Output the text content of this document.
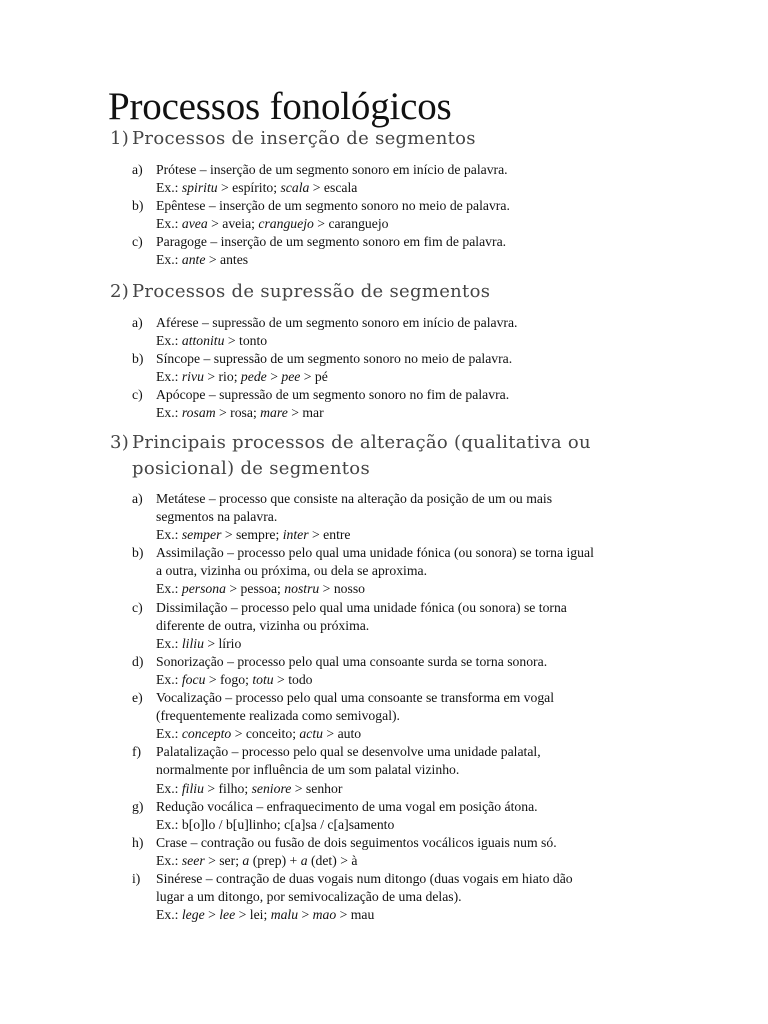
Processos fonológicos
1) Processos de inserção de segmentos
a) Prótese – inserção de um segmento sonoro em início de palavra.
Ex.: spiritu > espírito; scala > escala
b) Epêntese – inserção de um segmento sonoro no meio de palavra.
Ex.: avea > aveia; cranguejo > caranguejo
c) Paragoge – inserção de um segmento sonoro em fim de palavra.
Ex.: ante > antes
2) Processos de supressão de segmentos
a) Aférese – supressão de um segmento sonoro em início de palavra.
Ex.: attonitu > tonto
b) Síncope – supressão de um segmento sonoro no meio de palavra.
Ex.: rivu > rio; pede > pee > pé
c) Apócope – supressão de um segmento sonoro no fim de palavra.
Ex.: rosam > rosa; mare > mar
3) Principais processos de alteração (qualitativa ou
posicional) de segmentos
a) Metátese – processo que consiste na alteração da posição de um ou mais
segmentos na palavra.
Ex.: semper > sempre; inter > entre
b) Assimilação – processo pelo qual uma unidade fónica (ou sonora) se torna igual
a outra, vizinha ou próxima, ou dela se aproxima.
Ex.: persona > pessoa; nostru > nosso
c) Dissimilação – processo pelo qual uma unidade fónica (ou sonora) se torna
diferente de outra, vizinha ou próxima.
Ex.: liliu > lírio
d) Sonorização – processo pelo qual uma consoante surda se torna sonora.
Ex.: focu > fogo; totu > todo
e) Vocalização – processo pelo qual uma consoante se transforma em vogal
(frequentemente realizada como semivogal).
Ex.: concepto > conceito; actu > auto
f)	Palatalização – processo pelo qual se desenvolve uma unidade palatal,
normalmente por influência de um som palatal vizinho.
Ex.: filiu > filho; seniore > senhor
g) Redução vocálica – enfraquecimento de uma vogal em posição átona.
Ex.: b[o]lo / b[u]linho; c[a]sa / c[a]samento
h) Crase – contração ou fusão de dois seguimentos vocálicos iguais num só.
Ex.: seer > ser; a (prep) + a (det) > à
i)	Sinérese – contração de duas vogais num ditongo (duas vogais em hiato dão
lugar a um ditongo, por semivocalização de uma delas).
Ex.: lege > lee > lei; malu > mao > mau
